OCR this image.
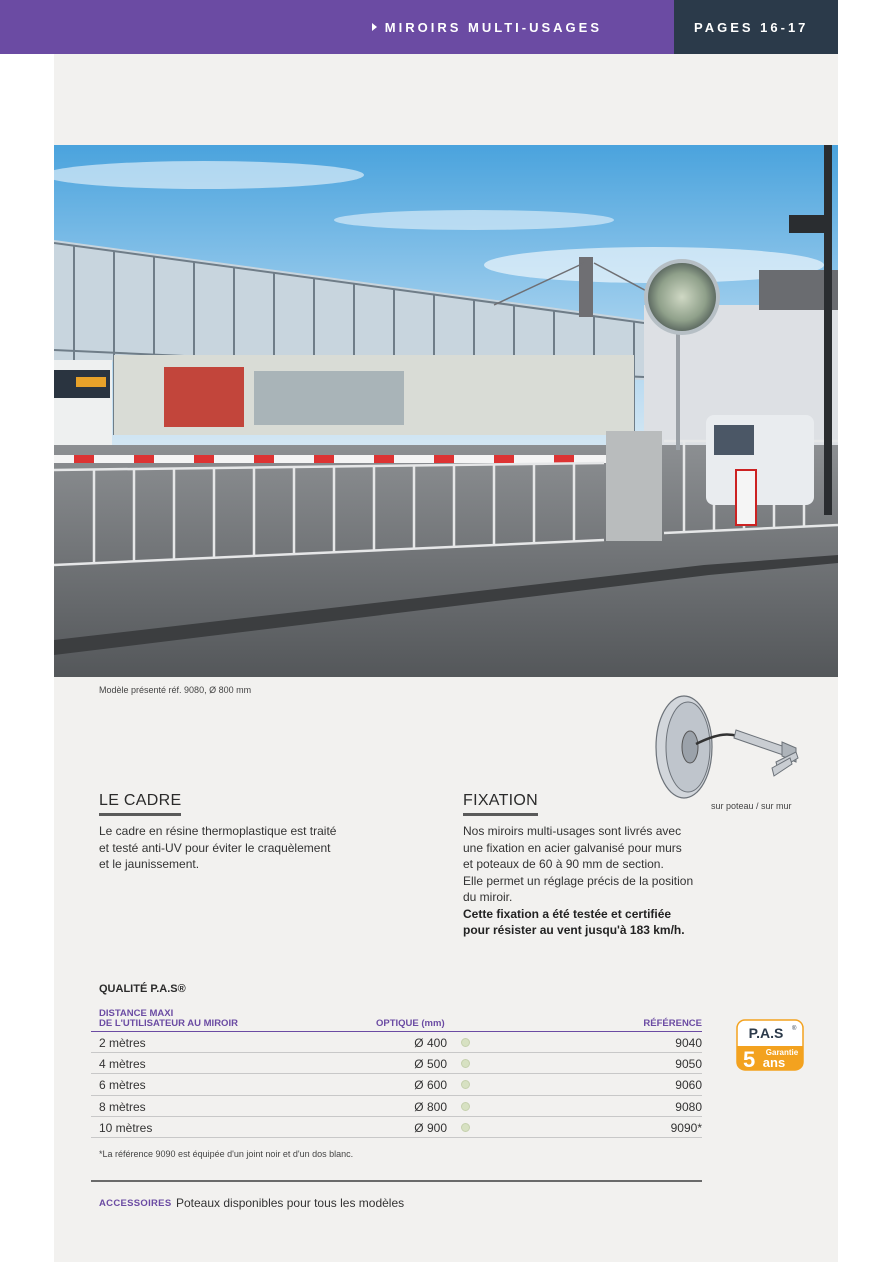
MIROIRS MULTI-USAGES	PAGES 16-17
Modèle présenté réf. 9080, Ø 800 mm
sur poteau / sur mur
LE CADRE
Le cadre en résine thermoplastique est traité
et testé anti-UV pour éviter le craquèlement
et le jaunissement.
FIXATION
Nos miroirs multi-usages sont livrés avec
une fixation en acier galvanisé pour murs
et poteaux de 60 à 90 mm de section.
Elle permet un réglage précis de la position
du miroir.
Cette fixation a été testée et certifiée
pour résister au vent jusqu'à 183 km/h.
QUALITÉ P.A.S®
DISTANCE MAXI
DE L'UTILISATEUR AU MIROIR	OPTIQUE (mm)	RÉFÉRENCE
2 mètres	Ø 400	9040
4 mètres	Ø 500	9050
6 mètres	Ø 600	9060
8 mètres	Ø 800	9080
10 mètres	Ø 900	9090*
*La référence 9090 est équipée d'un joint noir et d'un dos blanc.
P.A.S ®
5 Garantie
ans
ACCESSOIRES Poteaux disponibles pour tous les modèles
